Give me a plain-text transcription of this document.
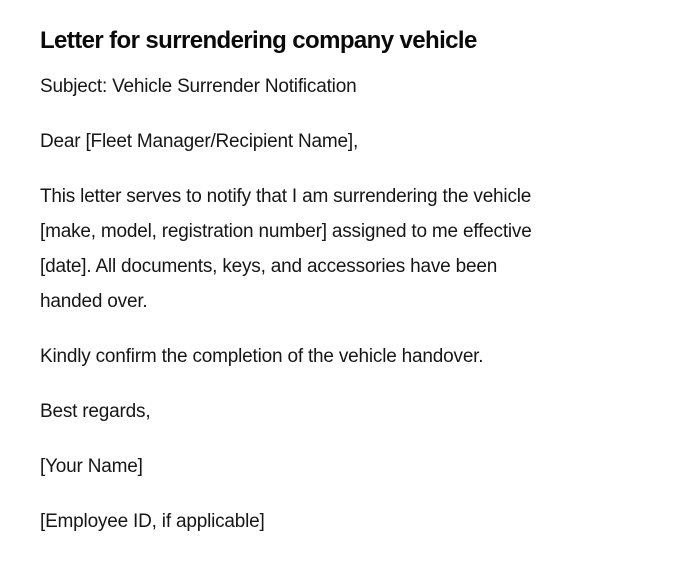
Letter for surrendering company vehicle

Subject: Vehicle Surrender Notification

Dear [Fleet Manager/Recipient Name],

This letter serves to notify that I am surrendering the vehicle
[make, model, registration number] assigned to me effective
[date]. All documents, keys, and accessories have been
handed over.

Kindly confirm the completion of the vehicle handover.

Best regards,

[Your Name]

[Employee ID, if applicable]
